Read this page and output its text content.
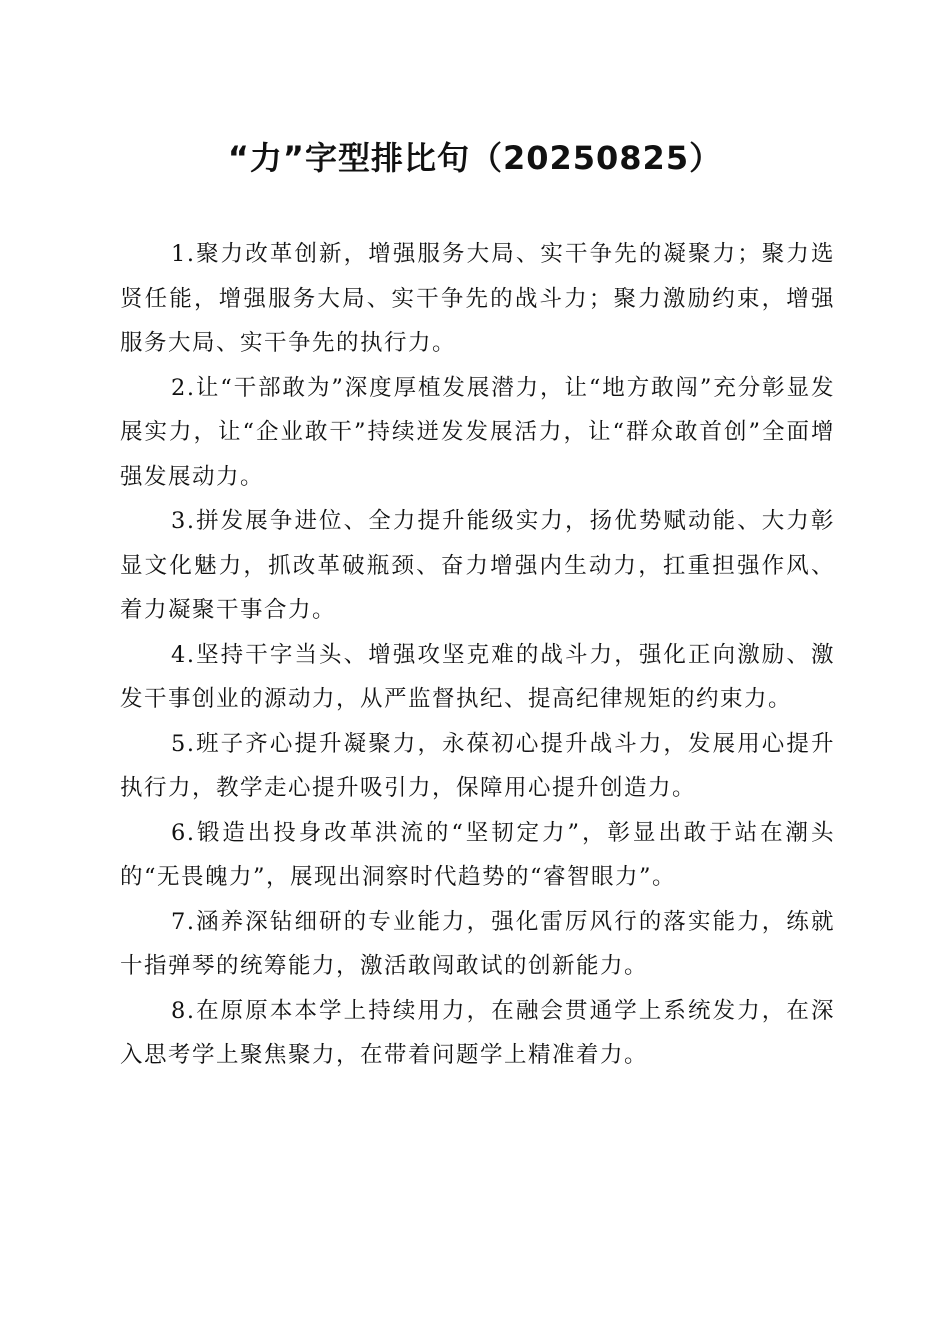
“力”字型排比句（20250825）

1.聚力改革创新，增强服务大局、实干争先的凝聚力；聚力选贤任能，增强服务大局、实干争先的战斗力；聚力激励约束，增强服务大局、实干争先的执行力。

2.让“干部敢为”深度厚植发展潜力，让“地方敢闯”充分彰显发展实力，让“企业敢干”持续迸发发展活力，让“群众敢首创”全面增强发展动力。

3.拼发展争进位、全力提升能级实力，扬优势赋动能、大力彰显文化魅力，抓改革破瓶颈、奋力增强内生动力，扛重担强作风、着力凝聚干事合力。

4.坚持干字当头、增强攻坚克难的战斗力，强化正向激励、激发干事创业的源动力，从严监督执纪、提高纪律规矩的约束力。

5.班子齐心提升凝聚力，永葆初心提升战斗力，发展用心提升执行力，教学走心提升吸引力，保障用心提升创造力。

6.锻造出投身改革洪流的“坚韧定力”，彰显出敢于站在潮头的“无畏魄力”，展现出洞察时代趋势的“睿智眼力”。

7.涵养深钻细研的专业能力，强化雷厉风行的落实能力，练就十指弹琴的统筹能力，激活敢闯敢试的创新能力。

8.在原原本本学上持续用力，在融会贯通学上系统发力，在深入思考学上聚焦聚力，在带着问题学上精准着力。
